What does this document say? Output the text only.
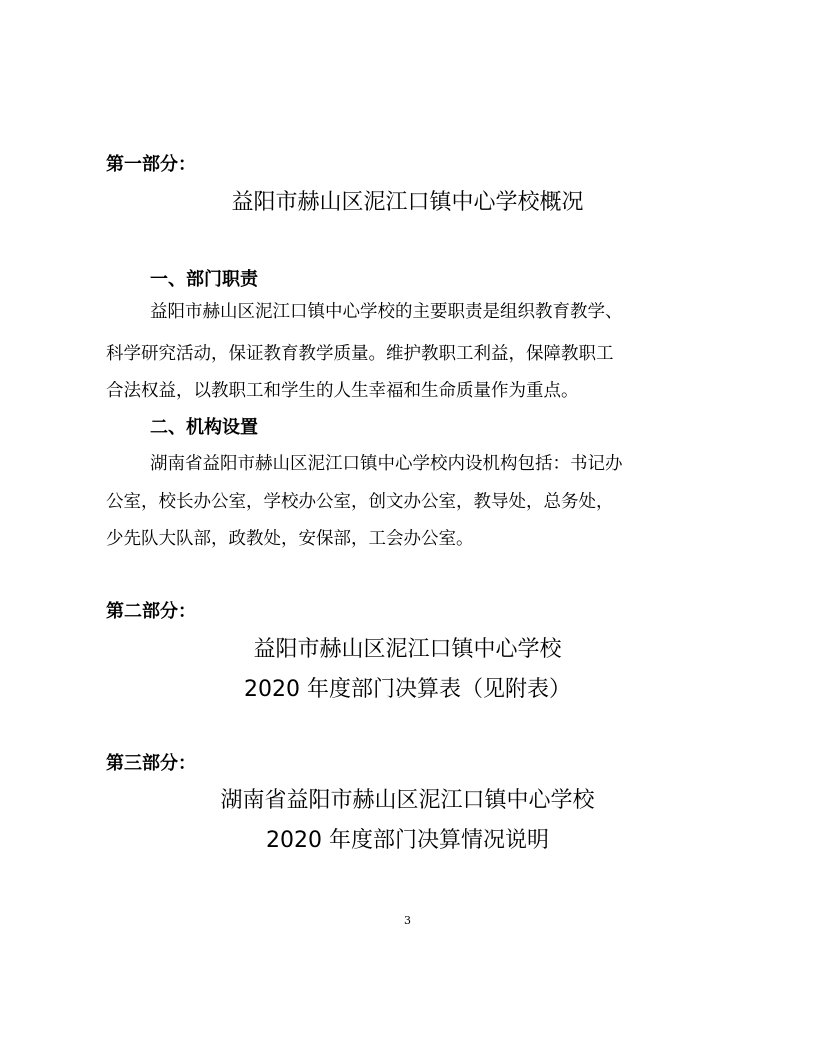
第一部分：
益阳市赫山区泥江口镇中心学校概况
一、部门职责
益阳市赫山区泥江口镇中心学校的主要职责是组织教育教学、
科学研究活动，保证教育教学质量。维护教职工利益，保障教职工
合法权益，以教职工和学生的人生幸福和生命质量作为重点。
二、机构设置
湖南省益阳市赫山区泥江口镇中心学校内设机构包括：书记办
公室，校长办公室，学校办公室，创文办公室，教导处，总务处，
少先队大队部，政教处，安保部，工会办公室。
第二部分：
益阳市赫山区泥江口镇中心学校
2020 年度部门决算表（见附表）
第三部分：
湖南省益阳市赫山区泥江口镇中心学校
2020 年度部门决算情况说明
3
